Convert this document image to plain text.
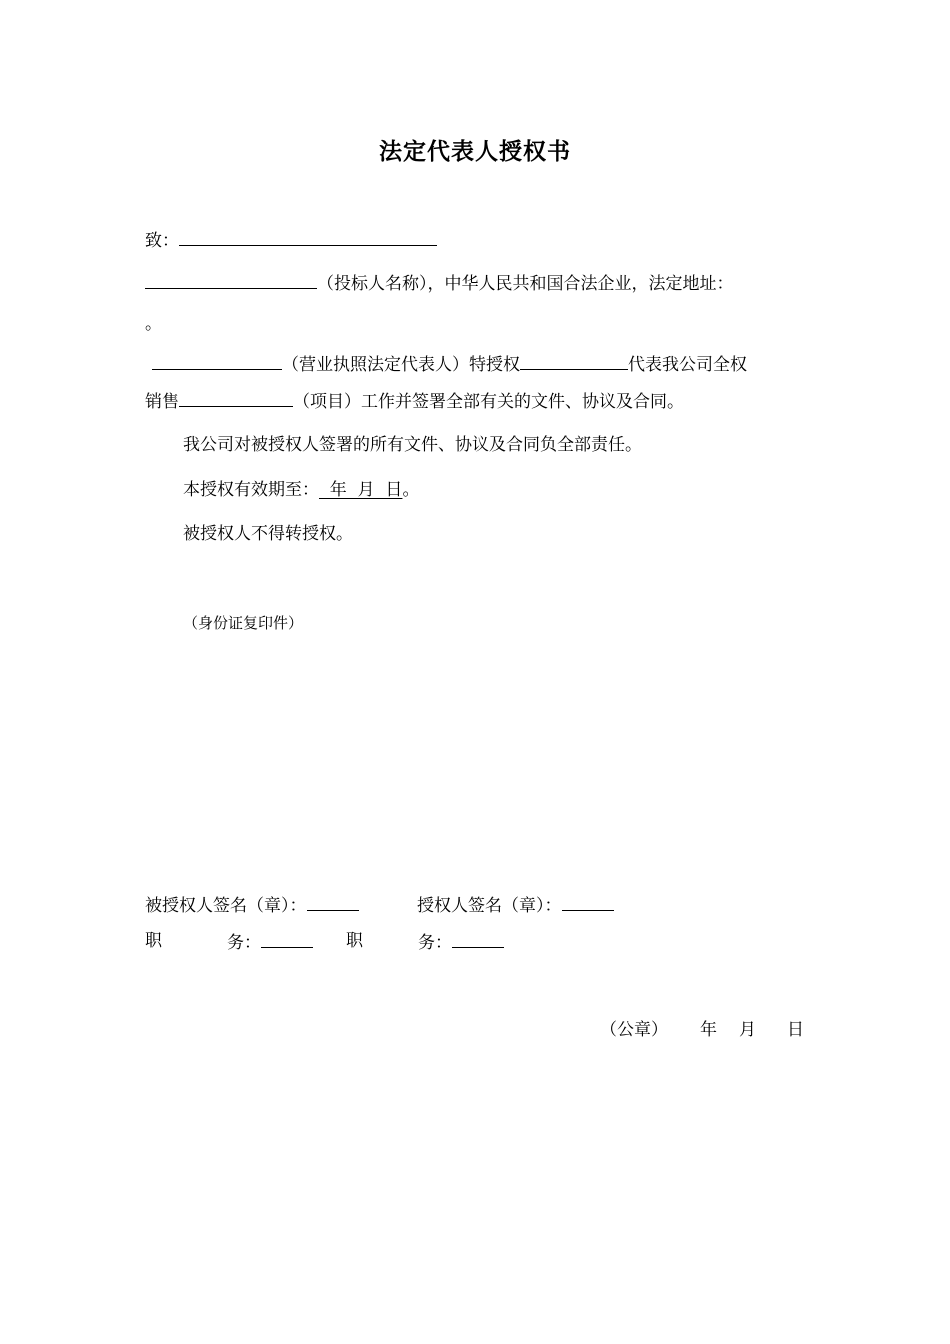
法定代表人授权书
致：
（投标人名称），中华人民共和国合法企业，法定地址：
。
（营业执照法定代表人）特授权	代表我公司全权
销售	（项目）工作并签署全部有关的文件、协议及合同。
我公司对被授权人签署的所有文件、协议及合同负全部责任。
本授权有效期至：  年  月  日。
被授权人不得转授权。
（身份证复印件）
被授权人签名（章）：	授权人签名（章）：
职	务：	职	务：
（公章） 年 月 日
